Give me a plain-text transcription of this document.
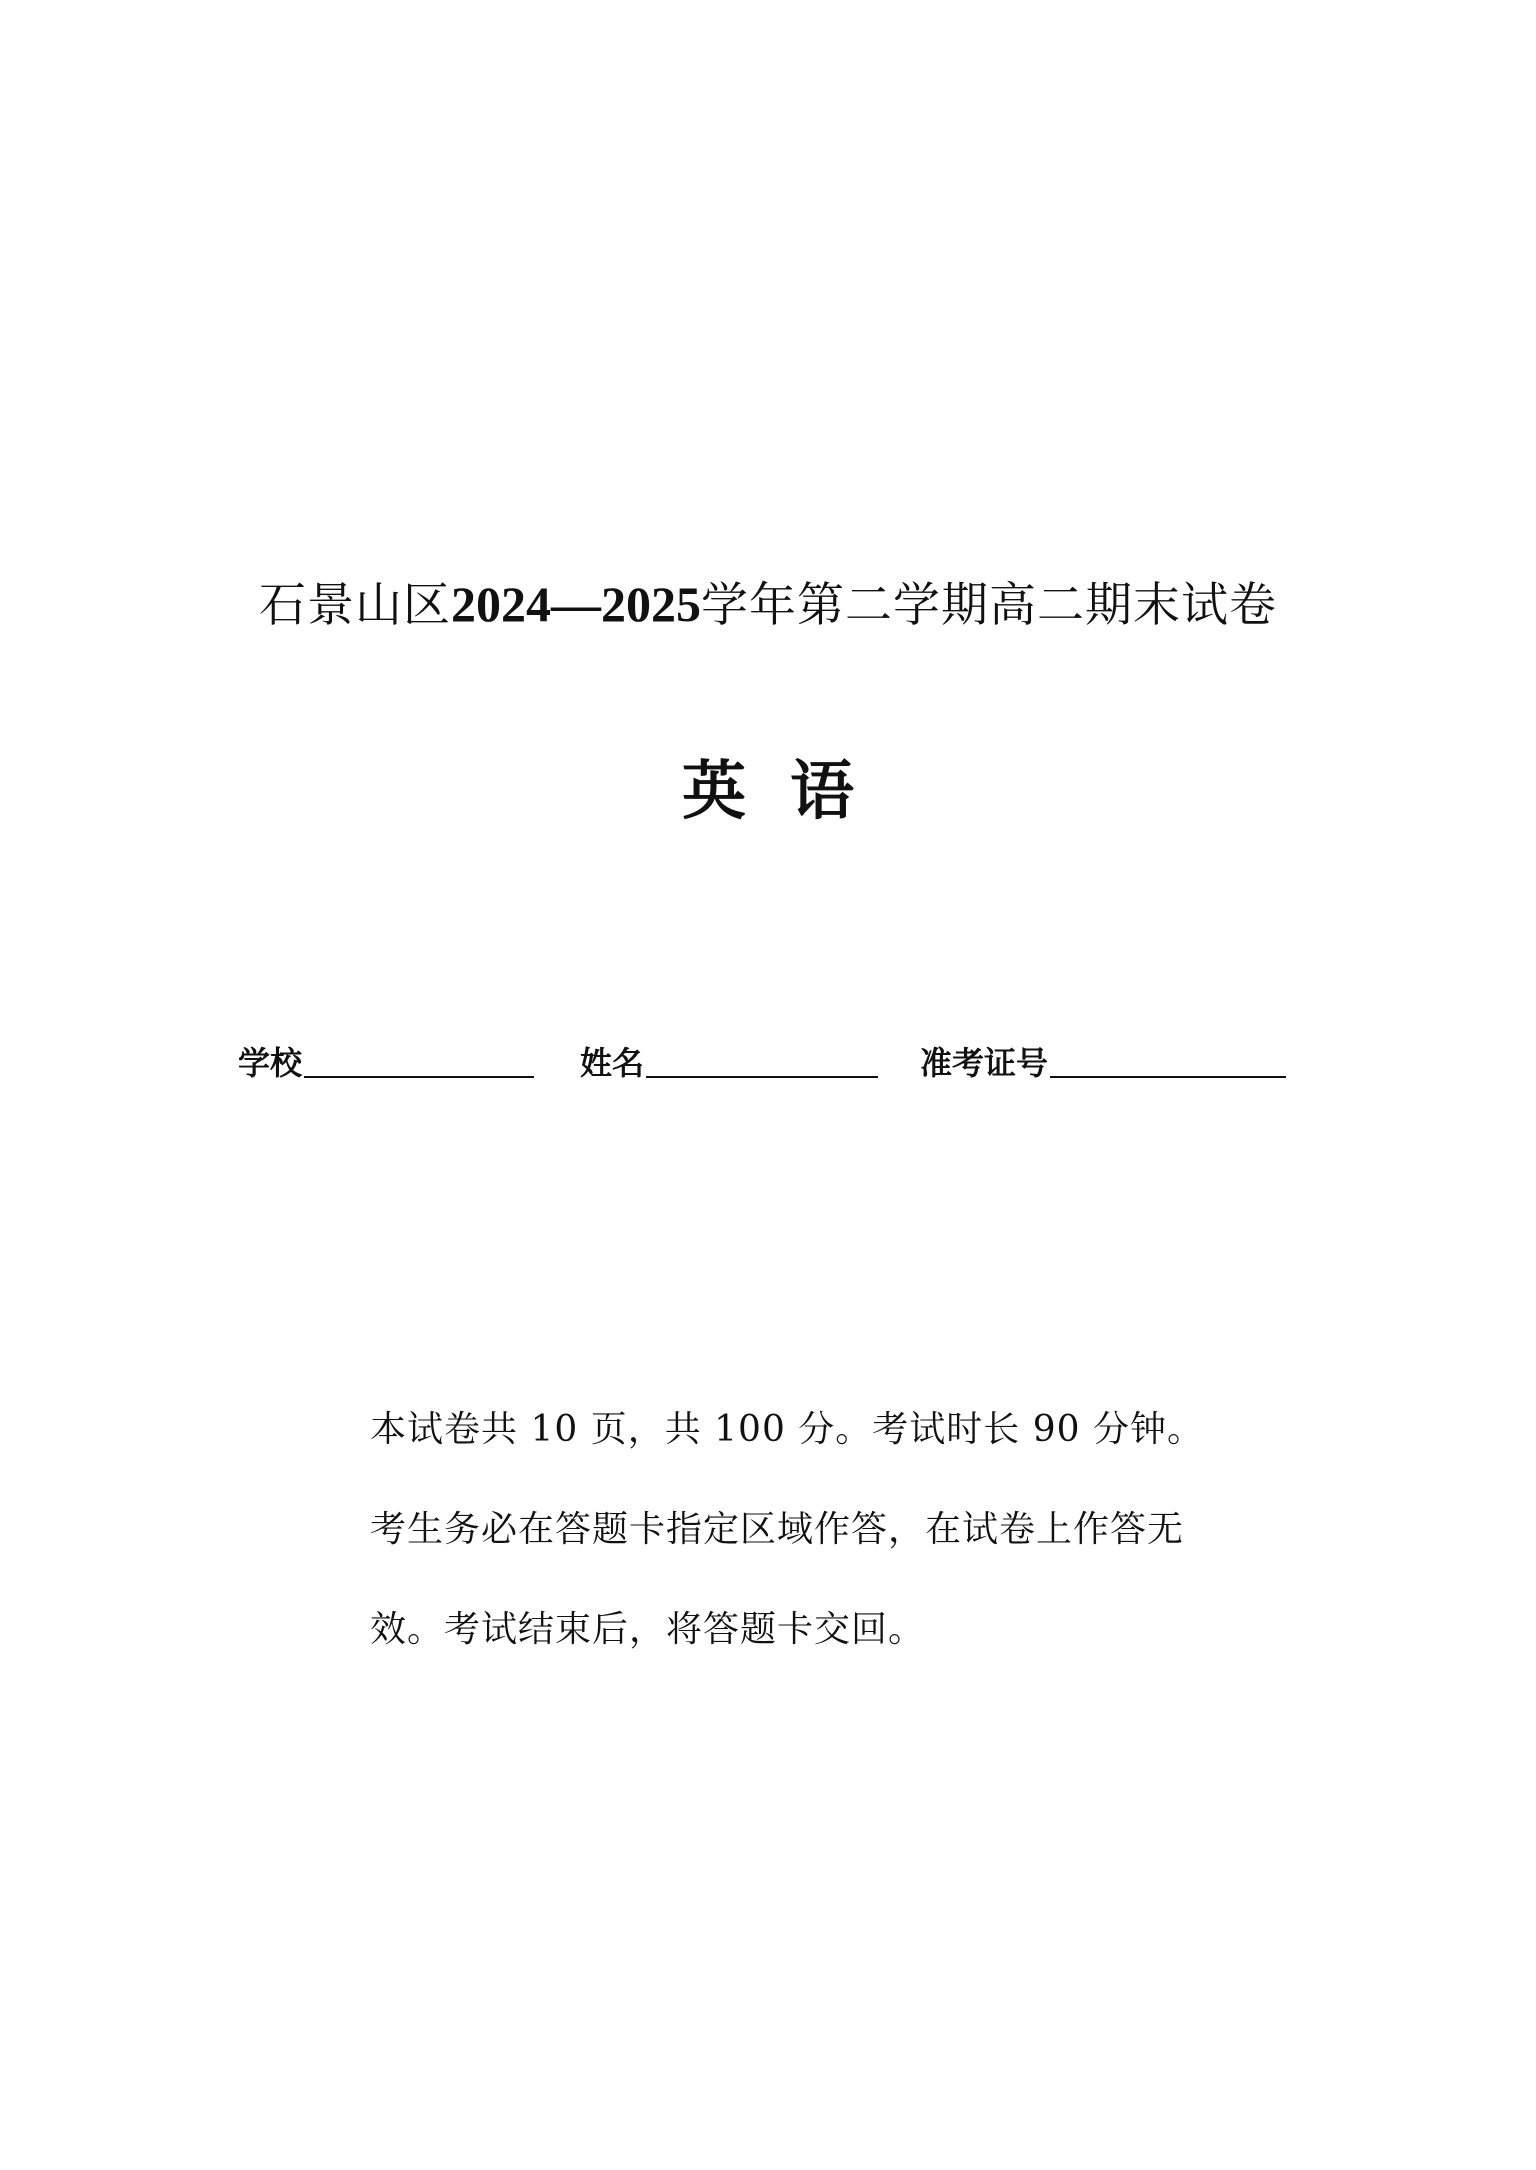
石景山区2024—2025学年第二学期高二期末试卷
英语
学校	姓名	准考证号

本试卷共 10 页，共 100 分。考试时长 90 分钟。

考生务必在答题卡指定区域作答，在试卷上作答无

效。考试结束后，将答题卡交回。
